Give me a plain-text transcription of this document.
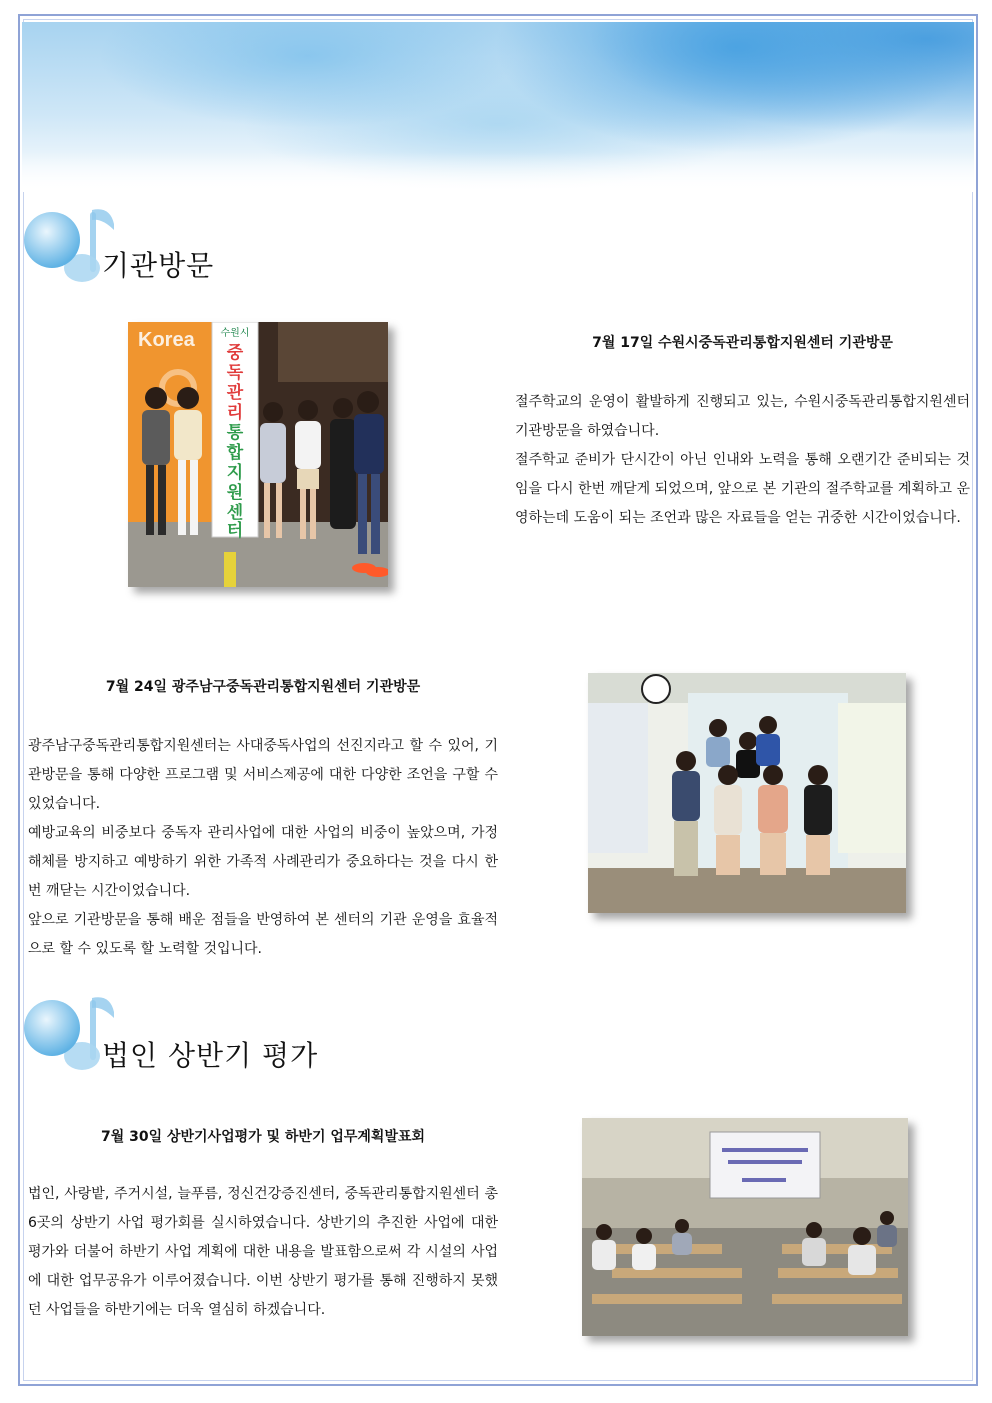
기관방문
Korea	수원시
중
독
관
리
통
합
지
원
센
터
7월 17일 수원시중독관리통합지원센터 기관방문
절주학교의 운영이 활발하게 진행되고 있는, 수원시중독관리통합지원센터 기관방문을 하였습니다.
절주학교 준비가 단시간이 아닌 인내와 노력을 통해 오랜기간 준비되는 것임을 다시 한번 깨닫게 되었으며, 앞으로 본 기관의 절주학교를 계획하고 운영하는데 도움이 되는 조언과 많은 자료들을 얻는 귀중한 시간이었습니다.
7월 24일 광주남구중독관리통합지원센터 기관방문
광주남구중독관리통합지원센터는 사대중독사업의 선진지라고 할 수 있어, 기관방문을 통해 다양한 프로그램 및 서비스제공에 대한 다양한 조언을 구할 수 있었습니다.
예방교육의 비중보다 중독자 관리사업에 대한 사업의 비중이 높았으며, 가정해체를 방지하고 예방하기 위한 가족적 사례관리가 중요하다는 것을 다시 한번 깨닫는 시간이었습니다.
앞으로 기관방문을 통해 배운 점들을 반영하여 본 센터의 기관 운영을 효율적으로 할 수 있도록 할 노력할 것입니다.
법인 상반기 평가
7월 30일 상반기사업평가 및 하반기 업무계획발표회
법인, 사랑밭, 주거시설, 늘푸름, 정신건강증진센터, 중독관리통합지원센터 총 6곳의 상반기 사업 평가회를 실시하였습니다. 상반기의 추진한 사업에 대한 평가와 더불어 하반기 사업 계획에 대한 내용을 발표함으로써 각 시설의 사업에 대한 업무공유가 이루어졌습니다. 이번 상반기 평가를 통해 진행하지 못했던 사업들을 하반기에는 더욱 열심히 하겠습니다.
